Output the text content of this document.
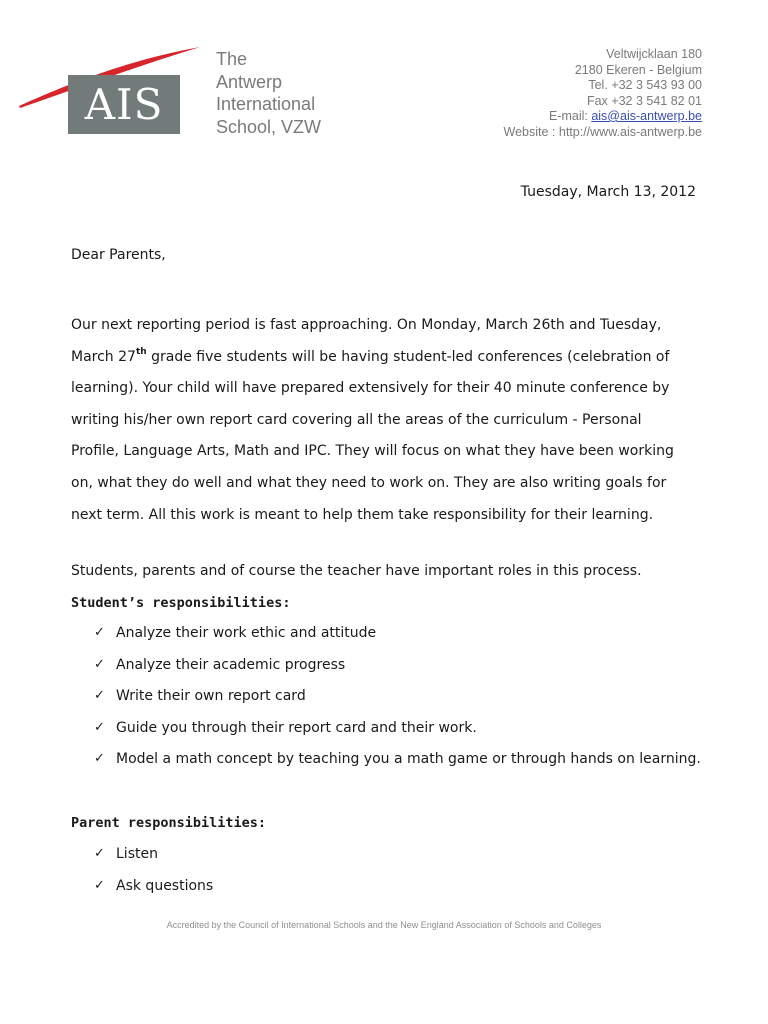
AIS
The
Antwerp
International
School, VZW
Veltwijcklaan 180
2180 Ekeren - Belgium
Tel. +32 3 543 93 00
Fax +32 3 541 82 01
E-mail: ais@ais-antwerp.be
Website : http://www.ais-antwerp.be
Tuesday, March 13, 2012
Dear Parents,
Our next reporting period is fast approaching. On Monday, March 26th and Tuesday,
March 27th grade five students will be having student-led conferences (celebration of
learning). Your child will have prepared extensively for their 40 minute conference by
writing his/her own report card covering all the areas of the curriculum - Personal
Profile, Language Arts, Math and IPC. They will focus on what they have been working
on, what they do well and what they need to work on. They are also writing goals for
next term. All this work is meant to help them take responsibility for their learning.
Students, parents and of course the teacher have important roles in this process.
Student’s responsibilities:
✓ Analyze their work ethic and attitude
✓ Analyze their academic progress
✓ Write their own report card
✓ Guide you through their report card and their work.
✓ Model a math concept by teaching you a math game or through hands on learning.
Parent responsibilities:
✓ Listen
✓ Ask questions
Accredited by the Council of International Schools and the New England Association of Schools and Colleges
